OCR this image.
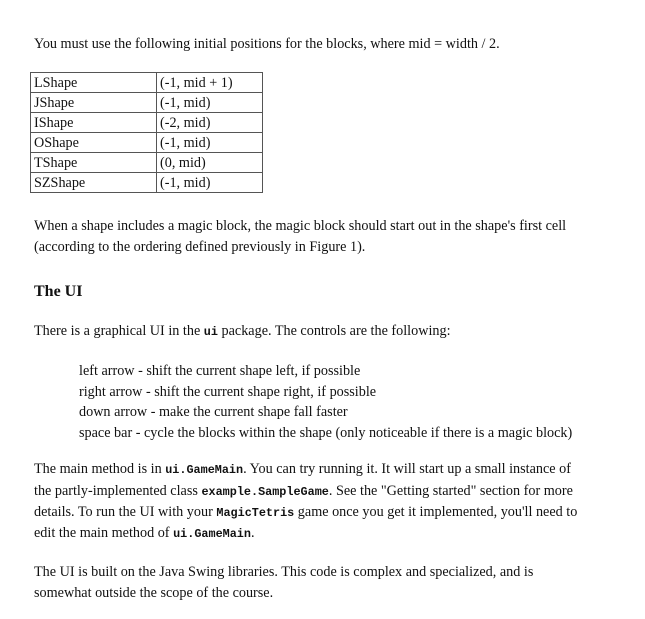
You must use the following initial positions for the blocks, where mid = width / 2.

LShape	(-1, mid + 1)
JShape	(-1, mid)
IShape	(-2, mid)
OShape	(-1, mid)
TShape	(0, mid)
SZShape	(-1, mid)

When a shape includes a magic block, the magic block should start out in the shape's first cell

(according to the ordering defined previously in Figure 1).

The UI

There is a graphical UI in the ui package. The controls are the following:

left arrow - shift the current shape left, if possible
right arrow - shift the current shape right, if possible
down arrow - make the current shape fall faster
space bar - cycle the blocks within the shape (only noticeable if there is a magic block)

The main method is in ui.GameMain. You can try running it. It will start up a small instance of

the partly-implemented class example.SampleGame. See the "Getting started" section for more

details. To run the UI with your MagicTetris game once you get it implemented, you'll need to

edit the main method of ui.GameMain.

The UI is built on the Java Swing libraries. This code is complex and specialized, and is

somewhat outside the scope of the course.
